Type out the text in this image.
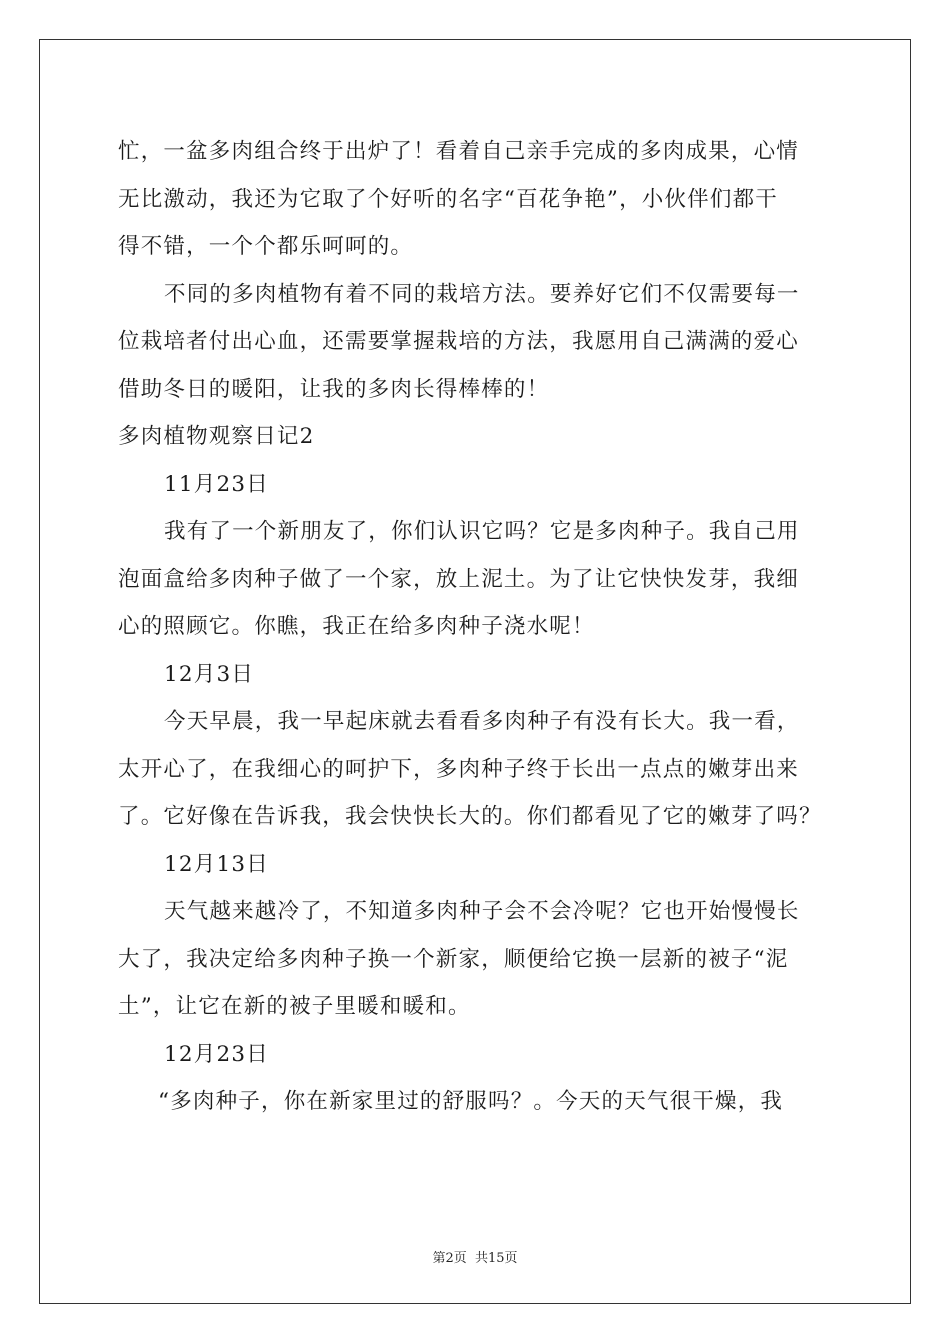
忙，一盆多肉组合终于出炉了！看着自己亲手完成的多肉成果，心情
无比激动，我还为它取了个好听的名字“百花争艳”，小伙伴们都干
得不错，一个个都乐呵呵的。
不同的多肉植物有着不同的栽培方法。要养好它们不仅需要每一
位栽培者付出心血，还需要掌握栽培的方法，我愿用自己满满的爱心
借助冬日的暖阳，让我的多肉长得棒棒的！
多肉植物观察日记2
11月23日
我有了一个新朋友了，你们认识它吗？它是多肉种子。我自己用
泡面盒给多肉种子做了一个家，放上泥土。为了让它快快发芽，我细
心的照顾它。你瞧，我正在给多肉种子浇水呢！
12月3日
今天早晨，我一早起床就去看看多肉种子有没有长大。我一看，
太开心了，在我细心的呵护下，多肉种子终于长出一点点的嫩芽出来
了。它好像在告诉我，我会快快长大的。你们都看见了它的嫩芽了吗？
12月13日
天气越来越冷了，不知道多肉种子会不会冷呢？它也开始慢慢长
大了，我决定给多肉种子换一个新家，顺便给它换一层新的被子“泥
土”，让它在新的被子里暖和暖和。
12月23日
“多肉种子，你在新家里过的舒服吗？。今天的天气很干燥，我
第2页 共15页
